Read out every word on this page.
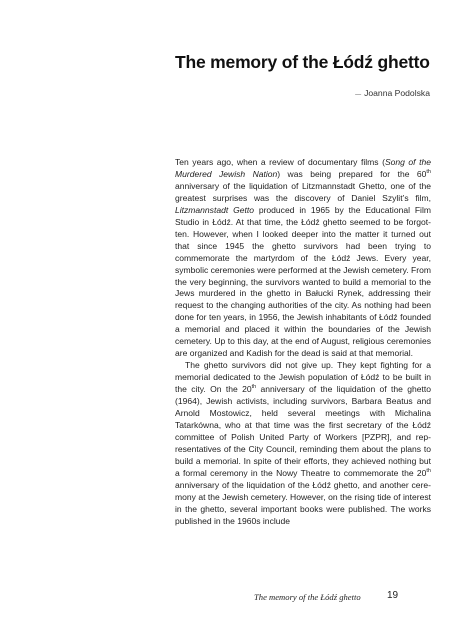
The memory of the Łódź ghetto
— Joanna Podolska

Ten years ago, when a review of documentary films (Song of the Murdered Jewish Nation) was being prepared for the 60th anniversary of the liquidation of Litzmannstadt Ghetto, one of the greatest surprises was the discovery of Daniel Szylit’s film, Litzmannstadt Getto produced in 1965 by the Educational Film Studio in Łódź. At that time, the Łódź ghetto seemed to be forgotten. However, when I looked deeper into the matter it turned out that since 1945 the ghetto survivors had been trying to commemorate the martyrdom of the Łódź Jews. Every year, symbolic ceremonies were performed at the Jewish cemetery. From the very beginning, the survivors wanted to build a memorial to the Jews murdered in the ghetto in Bałucki Rynek, addressing their request to the changing authorities of the city. As nothing had been done for ten years, in 1956, the Jewish inhabitants of Łódź founded a memorial and placed it within the boundaries of the Jewish cemetery. Up to this day, at the end of August, religious ceremonies are organized and Kadish for the dead is said at that memorial.

The ghetto survivors did not give up. They kept fighting for a memorial dedicated to the Jewish population of Łódź to be built in the city. On the 20th anniversary of the liquidation of the ghetto (1964), Jewish activists, including survivors, Barbara Beatus and Arnold Mostowicz, held several meetings with Michalina Tatarkówna, who at that time was the first secretary of the Łódź committee of Polish United Party of Workers [PZPR], and representatives of the City Council, reminding them about the plans to build a memorial. In spite of their efforts, they achieved nothing but a formal ceremony in the Nowy Theatre to commemorate the 20th anniversary of the liquidation of the Łódź ghetto, and another ceremony at the Jewish cemetery. However, on the rising tide of interest in the ghetto, several important books were published. The works published in the 1960s include

The memory of the Łódź ghetto	19
